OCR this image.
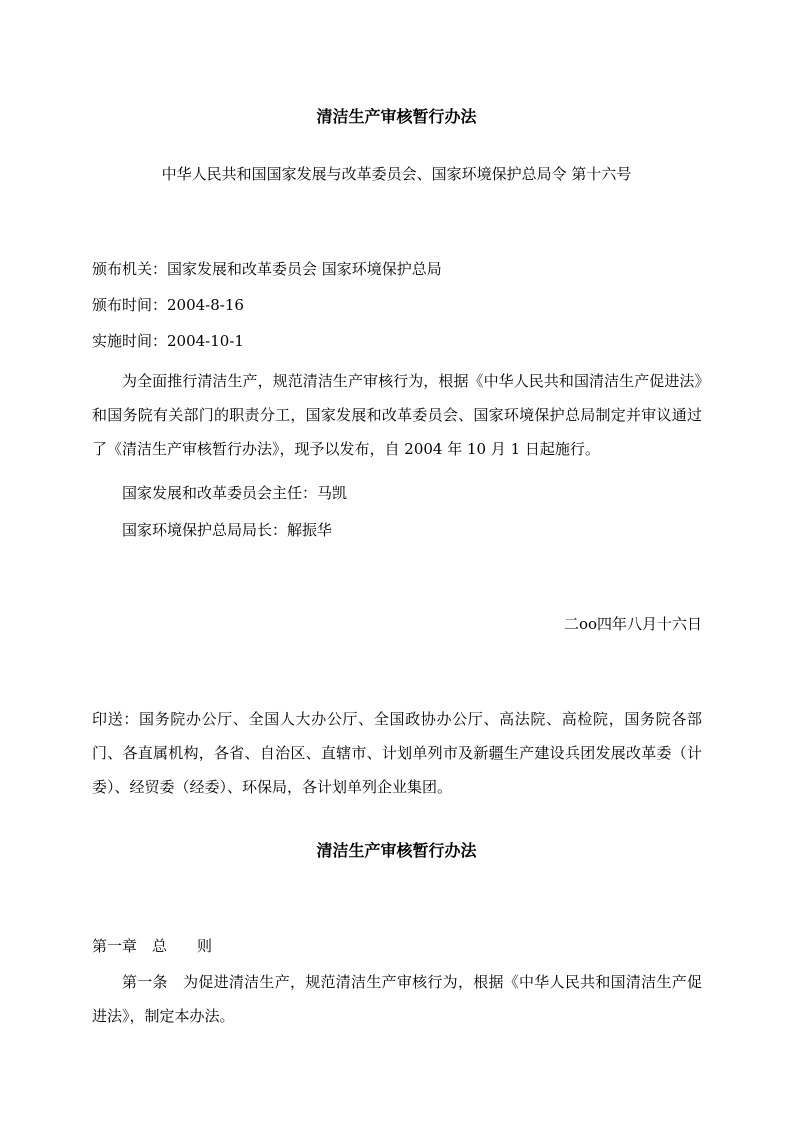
清洁生产审核暂行办法
中华人民共和国国家发展与改革委员会、国家环境保护总局令 第十六号
颁布机关：国家发展和改革委员会 国家环境保护总局
颁布时间：2004-8-16
实施时间：2004-10-1
为全面推行清洁生产，规范清洁生产审核行为，根据《中华人民共和国清洁生产促进法》和国务院有关部门的职责分工，国家发展和改革委员会、国家环境保护总局制定并审议通过了《清洁生产审核暂行办法》，现予以发布，自 2004 年 10 月 1 日起施行。
国家发展和改革委员会主任：马凯
国家环境保护总局局长：解振华
二oo四年八月十六日
印送：国务院办公厅、全国人大办公厅、全国政协办公厅、高法院、高检院，国务院各部门、各直属机构，各省、自治区、直辖市、计划单列市及新疆生产建设兵团发展改革委（计委）、经贸委（经委）、环保局，各计划单列企业集团。
清洁生产审核暂行办法
第一章　总　　则
第一条　为促进清洁生产，规范清洁生产审核行为，根据《中华人民共和国清洁生产促进法》，制定本办法。
